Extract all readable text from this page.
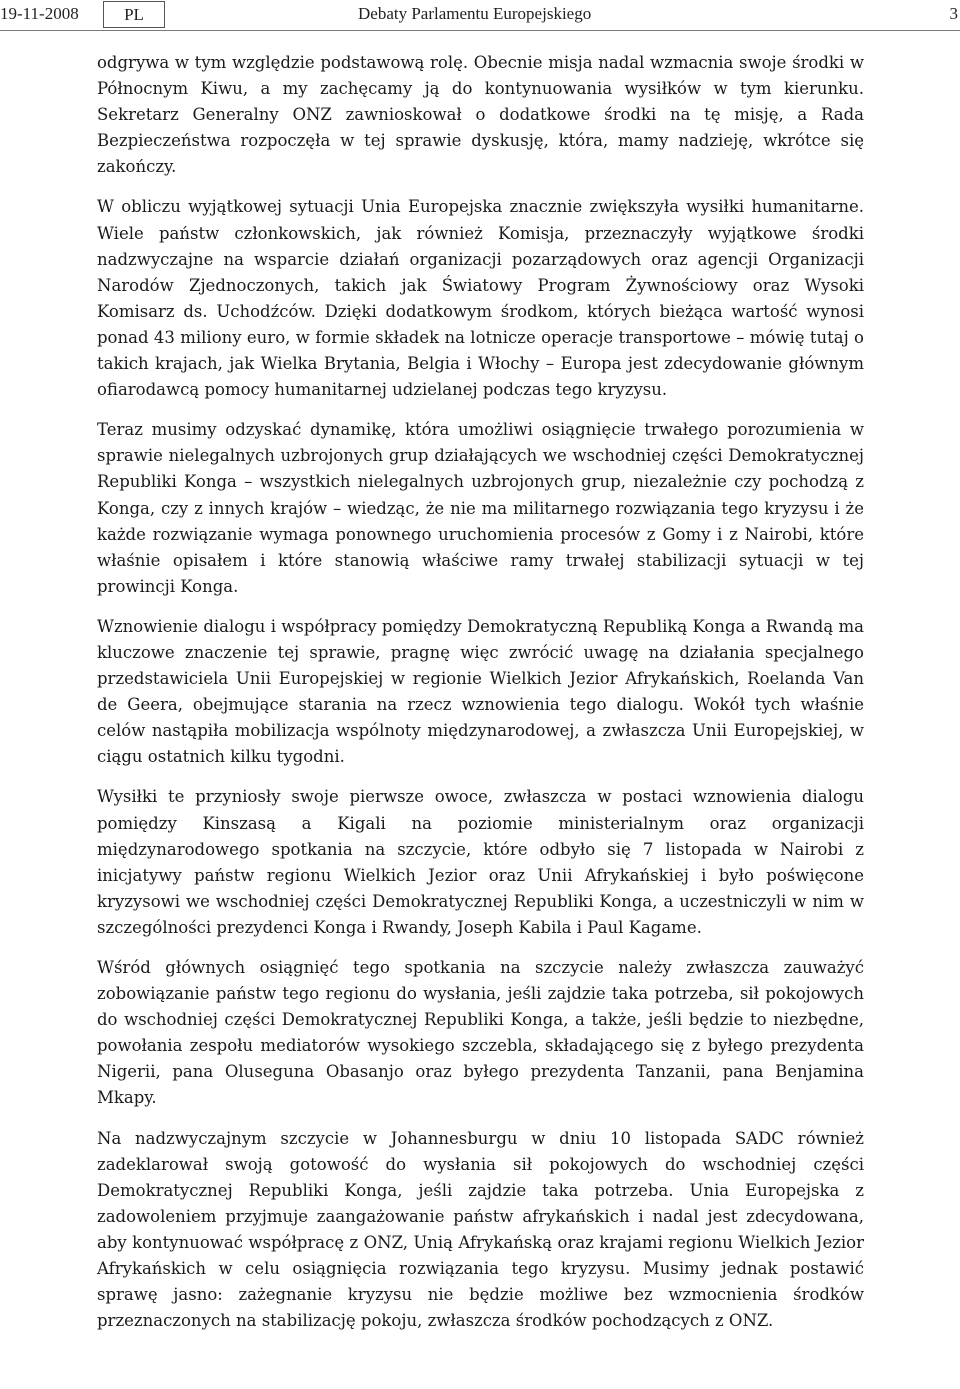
19-11-2008	PL	Debaty Parlamentu Europejskiego	3

odgrywa w tym względzie podstawową rolę. Obecnie misja nadal wzmacnia swoje środki w Północnym Kiwu, a my zachęcamy ją do kontynuowania wysiłków w tym kierunku. Sekretarz Generalny ONZ zawnioskował o dodatkowe środki na tę misję, a Rada Bezpieczeństwa rozpoczęła w tej sprawie dyskusję, która, mamy nadzieję, wkrótce się zakończy.

W obliczu wyjątkowej sytuacji Unia Europejska znacznie zwiększyła wysiłki humanitarne. Wiele państw członkowskich, jak również Komisja, przeznaczyły wyjątkowe środki nadzwyczajne na wsparcie działań organizacji pozarządowych oraz agencji Organizacji Narodów Zjednoczonych, takich jak Światowy Program Żywnościowy oraz Wysoki Komisarz ds. Uchodźców. Dzięki dodatkowym środkom, których bieżąca wartość wynosi ponad 43 miliony euro, w formie składek na lotnicze operacje transportowe – mówię tutaj o takich krajach, jak Wielka Brytania, Belgia i Włochy – Europa jest zdecydowanie głównym ofiarodawcą pomocy humanitarnej udzielanej podczas tego kryzysu.

Teraz musimy odzyskać dynamikę, która umożliwi osiągnięcie trwałego porozumienia w sprawie nielegalnych uzbrojonych grup działających we wschodniej części Demokratycznej Republiki Konga – wszystkich nielegalnych uzbrojonych grup, niezależnie czy pochodzą z Konga, czy z innych krajów – wiedząc, że nie ma militarnego rozwiązania tego kryzysu i że każde rozwiązanie wymaga ponownego uruchomienia procesów z Gomy i z Nairobi, które właśnie opisałem i które stanowią właściwe ramy trwałej stabilizacji sytuacji w tej prowincji Konga.

Wznowienie dialogu i współpracy pomiędzy Demokratyczną Republiką Konga a Rwandą ma kluczowe znaczenie tej sprawie, pragnę więc zwrócić uwagę na działania specjalnego przedstawiciela Unii Europejskiej w regionie Wielkich Jezior Afrykańskich, Roelanda Van de Geera, obejmujące starania na rzecz wznowienia tego dialogu. Wokół tych właśnie celów nastąpiła mobilizacja wspólnoty międzynarodowej, a zwłaszcza Unii Europejskiej, w ciągu ostatnich kilku tygodni.

Wysiłki te przyniosły swoje pierwsze owoce, zwłaszcza w postaci wznowienia dialogu pomiędzy Kinszasą a Kigali na poziomie ministerialnym oraz organizacji międzynarodowego spotkania na szczycie, które odbyło się 7 listopada w Nairobi z inicjatywy państw regionu Wielkich Jezior oraz Unii Afrykańskiej i było poświęcone kryzysowi we wschodniej części Demokratycznej Republiki Konga, a uczestniczyli w nim w szczególności prezydenci Konga i Rwandy, Joseph Kabila i Paul Kagame.

Wśród głównych osiągnięć tego spotkania na szczycie należy zwłaszcza zauważyć zobowiązanie państw tego regionu do wysłania, jeśli zajdzie taka potrzeba, sił pokojowych do wschodniej części Demokratycznej Republiki Konga, a także, jeśli będzie to niezbędne, powołania zespołu mediatorów wysokiego szczebla, składającego się z byłego prezydenta Nigerii, pana Oluseguna Obasanjo oraz byłego prezydenta Tanzanii, pana Benjamina Mkapy.

Na nadzwyczajnym szczycie w Johannesburgu w dniu 10 listopada SADC również zadeklarował swoją gotowość do wysłania sił pokojowych do wschodniej części Demokratycznej Republiki Konga, jeśli zajdzie taka potrzeba. Unia Europejska z zadowoleniem przyjmuje zaangażowanie państw afrykańskich i nadal jest zdecydowana, aby kontynuować współpracę z ONZ, Unią Afrykańską oraz krajami regionu Wielkich Jezior Afrykańskich w celu osiągnięcia rozwiązania tego kryzysu. Musimy jednak postawić sprawę jasno: zażegnanie kryzysu nie będzie możliwe bez wzmocnienia środków przeznaczonych na stabilizację pokoju, zwłaszcza środków pochodzących z ONZ.
